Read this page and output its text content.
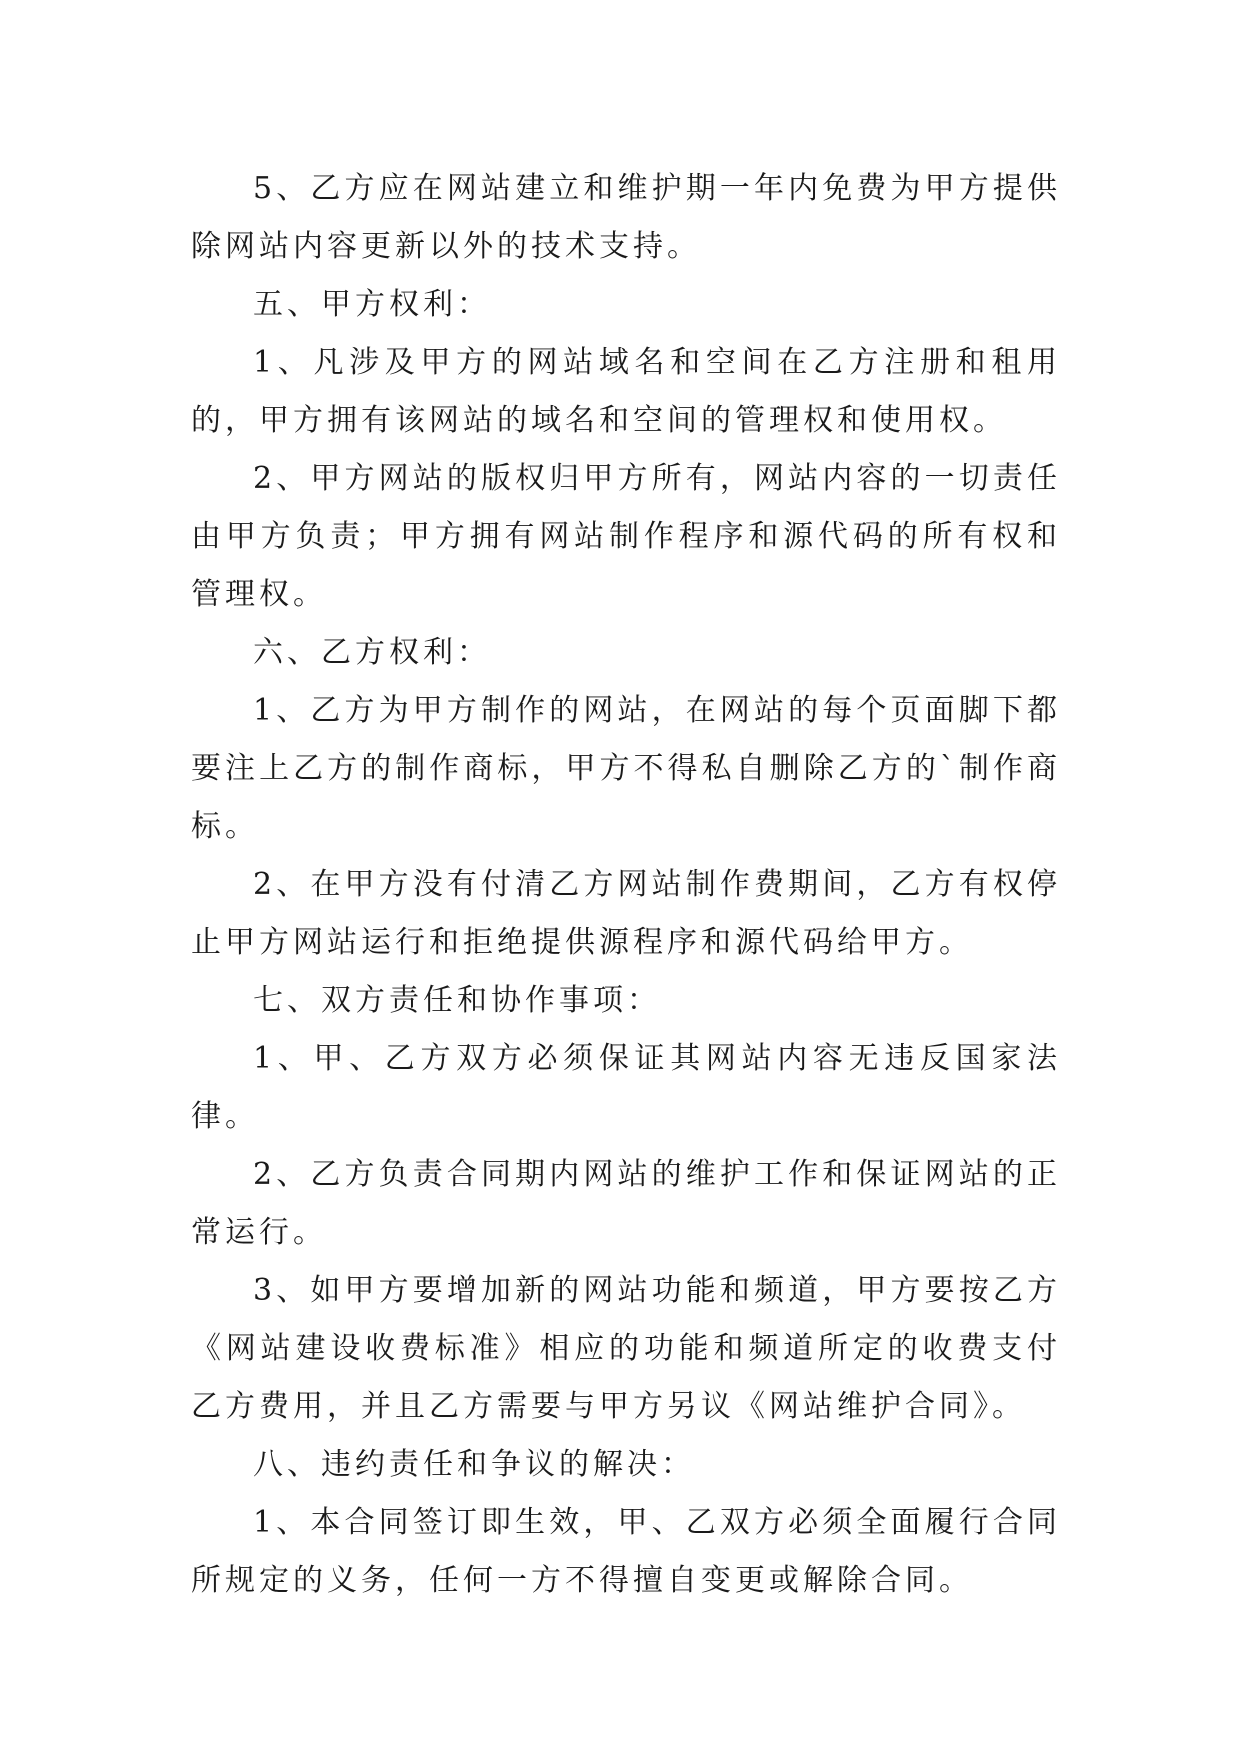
5、乙方应在网站建立和维护期一年内免费为甲方提供除网站内容更新以外的技术支持。

五、甲方权利：

1、凡涉及甲方的网站域名和空间在乙方注册和租用的，甲方拥有该网站的域名和空间的管理权和使用权。

2、甲方网站的版权归甲方所有，网站内容的一切责任由甲方负责；甲方拥有网站制作程序和源代码的所有权和管理权。

六、乙方权利：

1、乙方为甲方制作的网站，在网站的每个页面脚下都要注上乙方的制作商标，甲方不得私自删除乙方的`制作商标。

2、在甲方没有付清乙方网站制作费期间，乙方有权停止甲方网站运行和拒绝提供源程序和源代码给甲方。

七、双方责任和协作事项：

1、甲、乙方双方必须保证其网站内容无违反国家法律。

2、乙方负责合同期内网站的维护工作和保证网站的正常运行。

3、如甲方要增加新的网站功能和频道，甲方要按乙方《网站建设收费标准》相应的功能和频道所定的收费支付乙方费用，并且乙方需要与甲方另议《网站维护合同》。

八、违约责任和争议的解决：

1、本合同签订即生效，甲、乙双方必须全面履行合同所规定的义务，任何一方不得擅自变更或解除合同。
